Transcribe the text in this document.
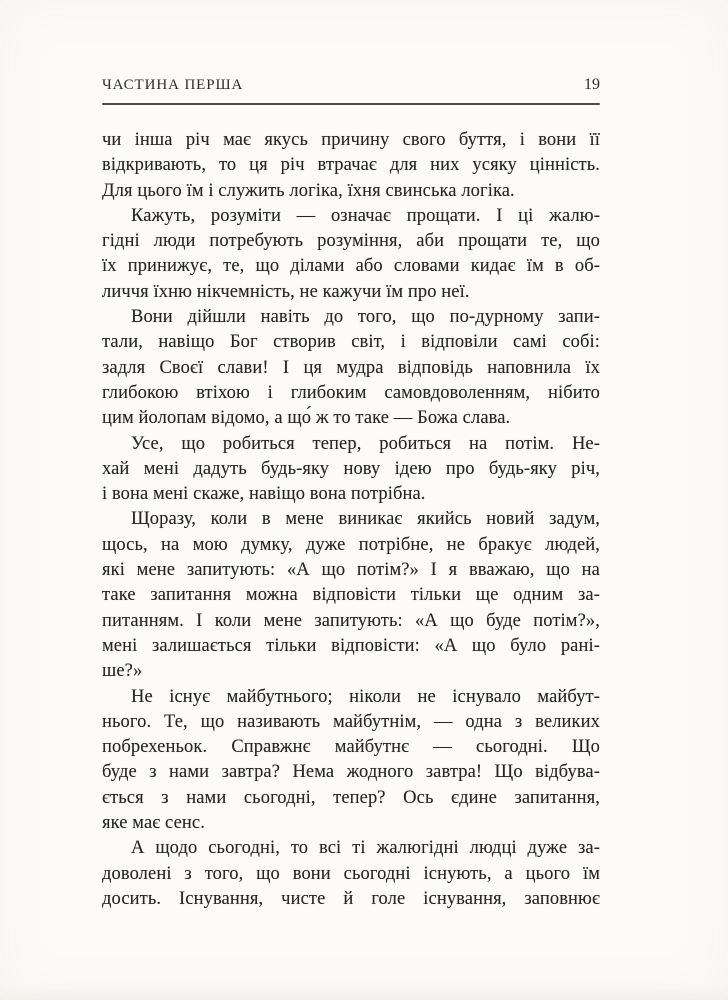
ЧАСТИНА ПЕРША	19

чи інша річ має якусь причину свого буття, і вони її
відкривають, то ця річ втрачає для них усяку цінність.
Для цього їм і служить логіка, їхня свинська логіка.

Кажуть, розуміти — означає прощати. І ці жалю-
гідні люди потребують розуміння, аби прощати те, що
їх принижує, те, що ділами або словами кидає їм в об-
личчя їхню нікчемність, не кажучи їм про неї.

Вони дійшли навіть до того, що по-дурному запи-
тали, навіщо Бог створив світ, і відповіли самі собі:
задля Своєї слави! І ця мудра відповідь наповнила їх
глибокою втіхою і глибоким самовдоволенням, нібито
цим йолопам відомо, а що́ ж то таке — Божа слава.

Усе, що робиться тепер, робиться на потім. Не-
хай мені дадуть будь-яку нову ідею про будь-яку річ,
і вона мені скаже, навіщо вона потрібна.

Щоразу, коли в мене виникає якийсь новий задум,
щось, на мою думку, дуже потрібне, не бракує людей,
які мене запитують: «А що потім?» І я вважаю, що на
таке запитання можна відповісти тільки ще одним за-
питанням. І коли мене запитують: «А що буде потім?»,
мені залишається тільки відповісти: «А що було рані-
ше?»

Не існує майбутнього; ніколи не існувало майбут-
нього. Те, що називають майбутнім, — одна з великих
побрехеньок. Справжнє майбутнє — сьогодні. Що
буде з нами завтра? Нема жодного завтра! Що відбува-
ється з нами сьогодні, тепер? Ось єдине запитання,
яке має сенс.

А щодо сьогодні, то всі ті жалюгідні людці дуже за-
доволені з того, що вони сьогодні існують, а цього їм
досить. Існування, чисте й голе існування, заповнює
